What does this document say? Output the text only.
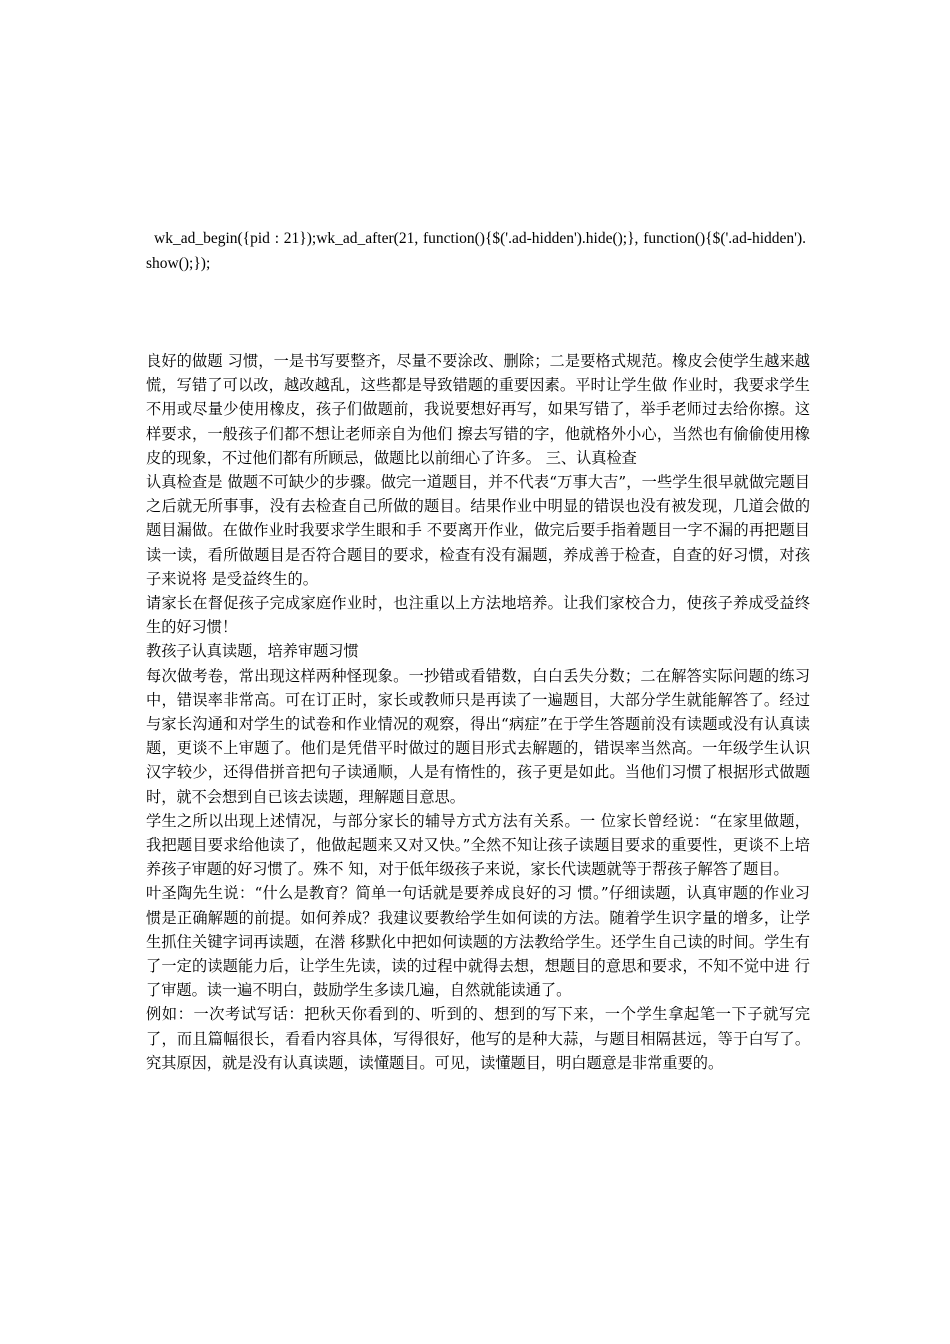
wk_ad_begin({pid : 21});wk_ad_after(21, function(){$('.ad-hidden').hide();}, function(){$('.ad-hidden').show();});

良好的做题 习惯，一是书写要整齐，尽量不要涂改、删除；二是要格式规范。橡皮会使学生越来越慌，写错了可以改，越改越乱，这些都是导致错题的重要因素。平时让学生做 作业时，我要求学生不用或尽量少使用橡皮，孩子们做题前，我说要想好再写，如果写错了，举手老师过去给你擦。这样要求，一般孩子们都不想让老师亲自为他们 擦去写错的字，他就格外小心，当然也有偷偷使用橡皮的现象，不过他们都有所顾忌，做题比以前细心了许多。 三、认真检查

认真检查是 做题不可缺少的步骤。做完一道题目，并不代表“万事大吉”，一些学生很早就做完题目之后就无所事事，没有去检查自己所做的题目。结果作业中明显的错误也没有被发现，几道会做的题目漏做。在做作业时我要求学生眼和手 不要离开作业，做完后要手指着题目一字不漏的再把题目读一读，看所做题目是否符合题目的要求，检查有没有漏题，养成善于检查，自查的好习惯，对孩子来说将 是受益终生的。

请家长在督促孩子完成家庭作业时，也注重以上方法地培养。让我们家校合力，使孩子养成受益终生的好习惯！

教孩子认真读题，培养审题习惯

每次做考卷，常出现这样两种怪现象。一抄错或看错数，白白丢失分数；二在解答实际问题的练习中，错误率非常高。可在订正时，家长或教师只是再读了一遍题目，大部分学生就能解答了。经过与家长沟通和对学生的试卷和作业情况的观察，得出“病症”在于学生答题前没有读题或没有认真读题，更谈不上审题了。他们是凭借平时做过的题目形式去解题的，错误率当然高。一年级学生认识汉字较少，还得借拼音把句子读通顺，人是有惰性的，孩子更是如此。当他们习惯了根据形式做题时，就不会想到自已该去读题，理解题目意思。

学生之所以出现上述情况，与部分家长的辅导方式方法有关系。一 位家长曾经说：“在家里做题，我把题目要求给他读了，他做起题来又对又快。”全然不知让孩子读题目要求的重要性，更谈不上培养孩子审题的好习惯了。殊不 知，对于低年级孩子来说，家长代读题就等于帮孩子解答了题目。

叶圣陶先生说：“什么是教育？简单一句话就是要养成良好的习 惯。”仔细读题，认真审题的作业习惯是正确解题的前提。如何养成？我建议要教给学生如何读的方法。随着学生识字量的增多，让学生抓住关键字词再读题，在潜 移默化中把如何读题的方法教给学生。还学生自己读的时间。学生有了一定的读题能力后，让学生先读，读的过程中就得去想，想题目的意思和要求，不知不觉中进 行了审题。读一遍不明白，鼓励学生多读几遍，自然就能读通了。

例如：一次考试写话：把秋天你看到的、听到的、想到的写下来，一个学生拿起笔一下子就写完了，而且篇幅很长，看看内容具体，写得很好，他写的是种大蒜，与题目相隔甚远，等于白写了。究其原因，就是没有认真读题，读懂题目。可见，读懂题目，明白题意是非常重要的。
